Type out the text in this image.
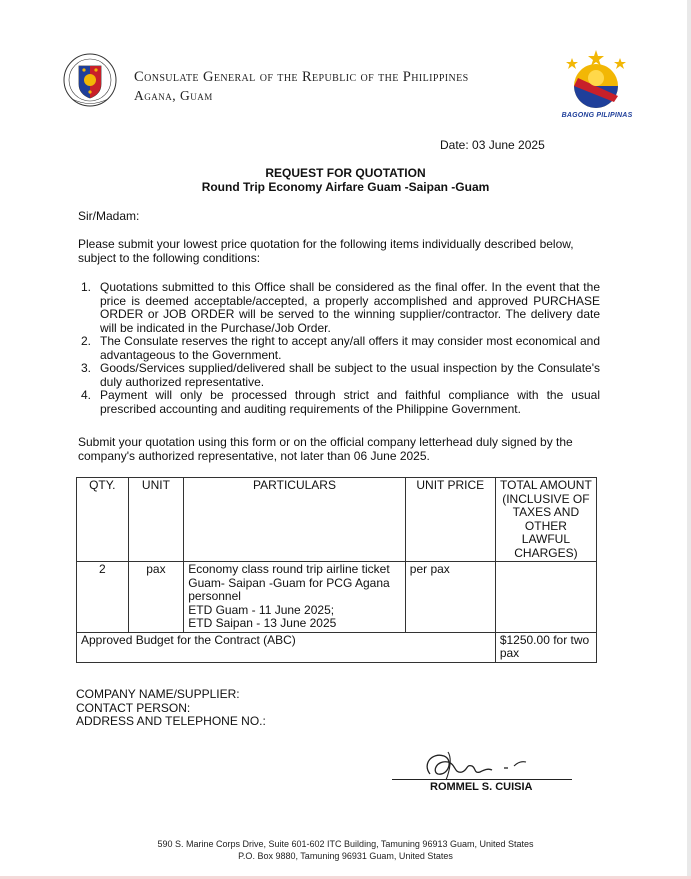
BAGONG PILIPINAS
Consulate General of the Republic of the Philippines
Agana, Guam
Date: 03 June 2025
REQUEST FOR QUOTATION
Round Trip Economy Airfare Guam -Saipan -Guam
Sir/Madam:
Please submit your lowest price quotation for the following items individually described below, subject to the following conditions:
1. Quotations submitted to this Office shall be considered as the final offer. In the event that the price is deemed acceptable/accepted, a properly accomplished and approved PURCHASE ORDER or JOB ORDER will be served to the winning supplier/contractor. The delivery date will be indicated in the Purchase/Job Order.
2. The Consulate reserves the right to accept any/all offers it may consider most economical and advantageous to the Government.
3. Goods/Services supplied/delivered shall be subject to the usual inspection by the Consulate's duly authorized representative.
4. Payment will only be processed through strict and faithful compliance with the usual prescribed accounting and auditing requirements of the Philippine Government.
Submit your quotation using this form or on the official company letterhead duly signed by the company's authorized representative, not later than 06 June 2025.
QTY.	UNIT	PARTICULARS	UNIT PRICE	TOTAL AMOUNT (INCLUSIVE OF TAXES AND OTHER LAWFUL CHARGES)
2	pax	Economy class round trip airline ticket Guam- Saipan -Guam for PCG Agana personnel
ETD Guam - 11 June 2025;
ETD Saipan - 13 June 2025	per pax	
Approved Budget for the Contract (ABC)				$1250.00 for two pax
COMPANY NAME/SUPPLIER:
CONTACT PERSON:
ADDRESS AND TELEPHONE NO.:
ROMMEL S. CUISIA
590 S. Marine Corps Drive, Suite 601-602 ITC Building, Tamuning 96913 Guam, United States
P.O. Box 9880, Tamuning 96931 Guam, United States
